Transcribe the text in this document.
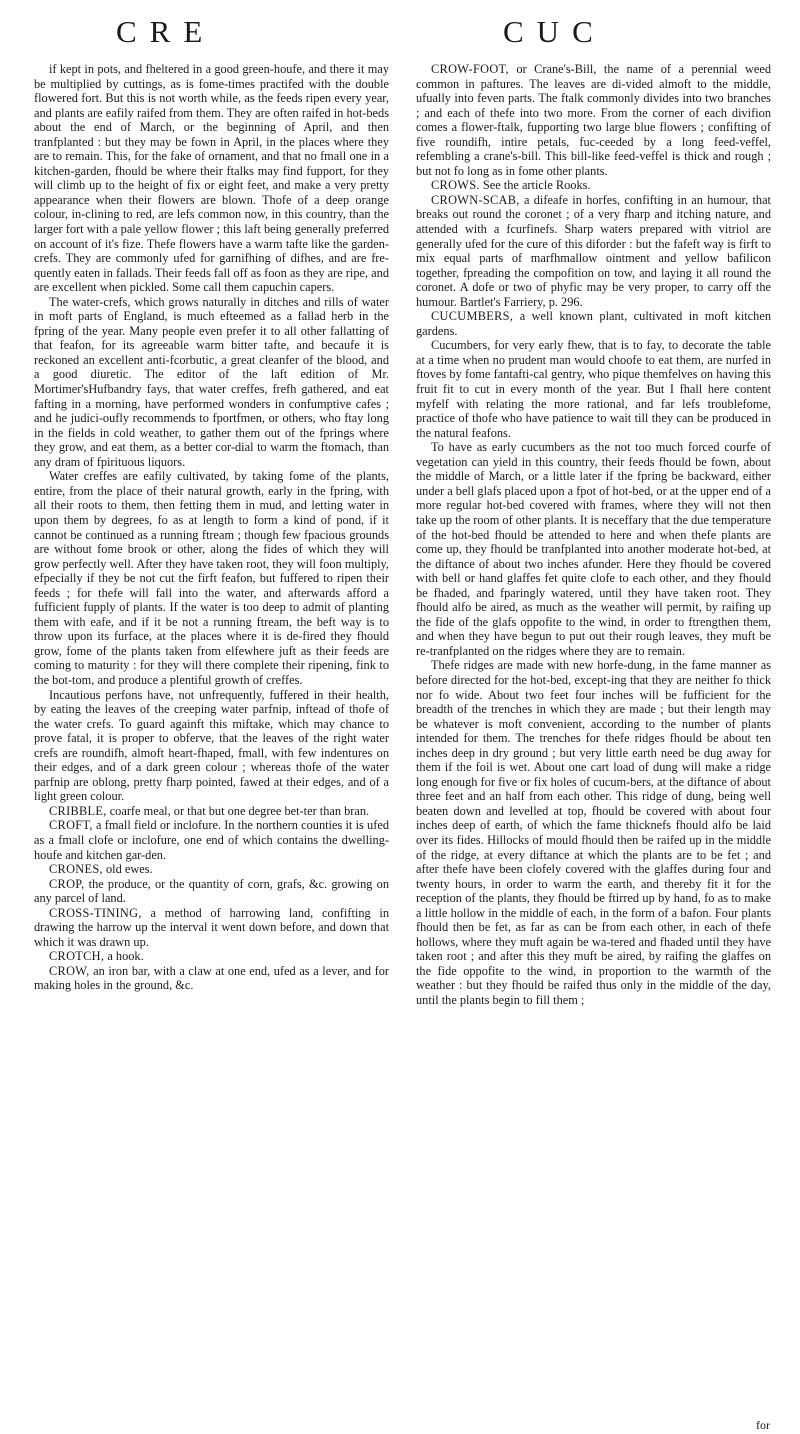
CRE	CUC

if kept in pots, and fheltered in a good green-houfe, and there it may be multiplied by cuttings, as is fome-times practifed with the double flowered fort. But this is not worth while, as the feeds ripen every year, and plants are eafily raifed from them. They are often raifed in hot-beds about the end of March, or the beginning of April, and then tranfplanted : but they may be fown in April, in the places where they are to remain. This, for the fake of ornament, and that no fmall one in a kitchen-garden, fhould be where their ftalks may find fupport, for they will climb up to the height of fix or eight feet, and make a very pretty appearance when their flowers are blown. Thofe of a deep orange colour, in-clining to red, are lefs common now, in this country, than the larger fort with a pale yellow flower ; this laft being generally preferred on account of it's fize. Thefe flowers have a warm tafte like the garden-crefs. They are commonly ufed for garnifhing of difhes, and are fre-quently eaten in fallads. Their feeds fall off as foon as they are ripe, and are excellent when pickled. Some call them capuchin capers.

The water-crefs, which grows naturally in ditches and rills of water in moft parts of England, is much efteemed as a fallad herb in the fpring of the year. Many people even prefer it to all other fallatting of that feafon, for its agreeable warm bitter tafte, and becaufe it is reckoned an excellent anti-fcorbutic, a great cleanfer of the blood, and a good diuretic. The editor of the laft edition of Mr. Mortimer'sHufbandry fays, that water creffes, frefh gathered, and eat fafting in a morning, have performed wonders in confumptive cafes ; and he judici-oufly recommends to fportfmen, or others, who ftay long in the fields in cold weather, to gather them out of the fprings where they grow, and eat them, as a better cor-dial to warm the ftomach, than any dram of fpirituous liquors.

Water creffes are eafily cultivated, by taking fome of the plants, entire, from the place of their natural growth, early in the fpring, with all their roots to them, then fetting them in mud, and letting water in upon them by degrees, fo as at length to form a kind of pond, if it cannot be continued as a running ftream ; though few fpacious grounds are without fome brook or other, along the fides of which they will grow perfectly well. After they have taken root, they will foon multiply, efpecially if they be not cut the firft feafon, but fuffered to ripen their feeds ; for thefe will fall into the water, and afterwards afford a fufficient fupply of plants. If the water is too deep to admit of planting them with eafe, and if it be not a running ftream, the beft way is to throw upon its furface, at the places where it is de-fired they fhould grow, fome of the plants taken from elfewhere juft as their feeds are coming to maturity : for they will there complete their ripening, fink to the bot-tom, and produce a plentiful growth of creffes.

Incautious perfons have, not unfrequently, fuffered in their health, by eating the leaves of the creeping water parfnip, inftead of thofe of the water crefs. To guard againft this miftake, which may chance to prove fatal, it is proper to obferve, that the leaves of the right water crefs are roundifh, almoft heart-fhaped, fmall, with few indentures on their edges, and of a dark green colour ; whereas thofe of the water parfnip are oblong, pretty fharp pointed, fawed at their edges, and of a light green colour.

CRIBBLE, coarfe meal, or that but one degree bet-ter than bran.

CROFT, a fmall field or inclofure. In the northern counties it is ufed as a fmall clofe or inclofure, one end of which contains the dwelling-houfe and kitchen gar-den.

CRONES, old ewes.

CROP, the produce, or the quantity of corn, grafs, &c. growing on any parcel of land.

CROSS-TINING, a method of harrowing land, confifting in drawing the harrow up the interval it went down before, and down that which it was drawn up.

CROTCH, a hook.

CROW, an iron bar, with a claw at one end, ufed as a lever, and for making holes in the ground, &c.

CROW-FOOT, or Crane's-Bill, the name of a perennial weed common in paftures. The leaves are di-vided almoft to the middle, ufually into feven parts. The ftalk commonly divides into two branches ; and each of thefe into two more. From the corner of each divifion comes a flower-ftalk, fupporting two large blue flowers ; confifting of five roundifh, intire petals, fuc-ceeded by a long feed-veffel, refembling a crane's-bill. This bill-like feed-veffel is thick and rough ; but not fo long as in fome other plants.

CROWS. See the article Rooks.

CROWN-SCAB, a difeafe in horfes, confifting in an humour, that breaks out round the coronet ; of a very fharp and itching nature, and attended with a fcurfinefs. Sharp waters prepared with vitriol are generally ufed for the cure of this diforder : but the fafeft way is firft to mix equal parts of marfhmallow ointment and yellow bafilicon together, fpreading the compofition on tow, and laying it all round the coronet. A dofe or two of phyfic may be very proper, to carry off the humour. Bartlet's Farriery, p. 296.

CUCUMBERS, a well known plant, cultivated in moft kitchen gardens.

Cucumbers, for very early fhew, that is to fay, to decorate the table at a time when no prudent man would choofe to eat them, are nurfed in ftoves by fome fantafti-cal gentry, who pique themfelves on having this fruit fit to cut in every month of the year. But I fhall here content myfelf with relating the more rational, and far lefs troublefome, practice of thofe who have patience to wait till they can be produced in the natural feafons.

To have as early cucumbers as the not too much forced courfe of vegetation can yield in this country, their feeds fhould be fown, about the middle of March, or a little later if the fpring be backward, either under a bell glafs placed upon a fpot of hot-bed, or at the upper end of a more regular hot-bed covered with frames, where they will not then take up the room of other plants. It is neceffary that the due temperature of the hot-bed fhould be attended to here and when thefe plants are come up, they fhould be tranfplanted into another moderate hot-bed, at the diftance of about two inches afunder. Here they fhould be covered with bell or hand glaffes fet quite clofe to each other, and they fhould be fhaded, and fparingly watered, until they have taken root. They fhould alfo be aired, as much as the weather will permit, by raifing up the fide of the glafs oppofite to the wind, in order to ftrengthen them, and when they have begun to put out their rough leaves, they muft be re-tranfplanted on the ridges where they are to remain.

Thefe ridges are made with new horfe-dung, in the fame manner as before directed for the hot-bed, except-ing that they are neither fo thick nor fo wide. About two feet four inches will be fufficient for the breadth of the trenches in which they are made ; but their length may be whatever is moft convenient, according to the number of plants intended for them. The trenches for thefe ridges fhould be about ten inches deep in dry ground ; but very little earth need be dug away for them if the foil is wet. About one cart load of dung will make a ridge long enough for five or fix holes of cucum-bers, at the diftance of about three feet and an half from each other. This ridge of dung, being well beaten down and levelled at top, fhould be covered with about four inches deep of earth, of which the fame thicknefs fhould alfo be laid over its fides. Hillocks of mould fhould then be raifed up in the middle of the ridge, at every diftance at which the plants are to be fet ; and after thefe have been clofely covered with the glaffes during four and twenty hours, in order to warm the earth, and thereby fit it for the reception of the plants, they fhould be ftirred up by hand, fo as to make a little hollow in the middle of each, in the form of a bafon. Four plants fhould then be fet, as far as can be from each other, in each of thefe hollows, where they muft again be wa-tered and fhaded until they have taken root ; and after this they muft be aired, by raifing the glaffes on the fide oppofite to the wind, in proportion to the warmth of the weather : but they fhould be raifed thus only in the middle of the day, until the plants begin to fill them ;

for
